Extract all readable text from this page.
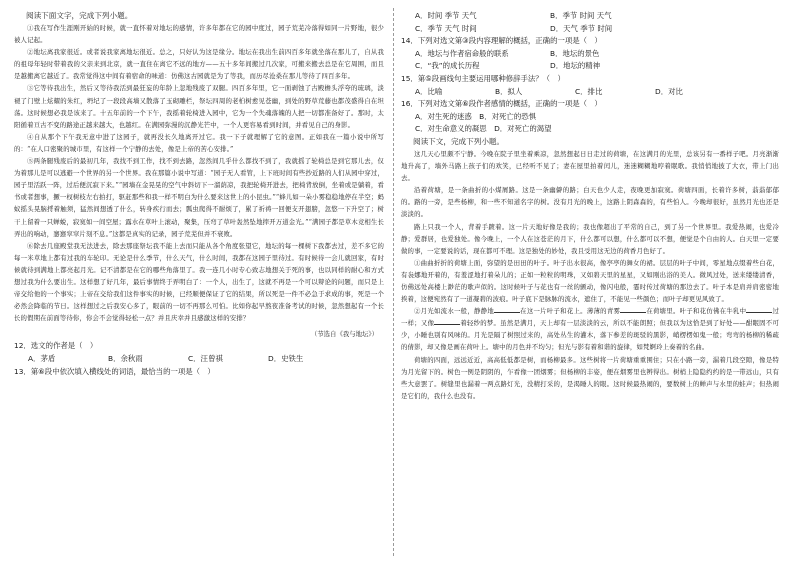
阅读下面文字，完成下列小题。

①我在写作生涯刚开始的时候，就一直怀着对地坛的感情，许多年都在它的园中度过，园子荒芜冷落得如同一片野地，很少被人记起。

②地坛离我家很近。或者说我家离地坛很近。总之，只好认为这是缘分。地坛在我出生前四百多年就坐落在那儿了，自从我的祖母年轻时带着我的父亲来到北京，就一直住在离它不远的地方——五十多年间搬过几次家，可搬来搬去总是在它周围，而且是越搬离它越近了。我常觉得这中间有着宿命的味道：仿佛这古园就是为了等我，而历尽沧桑在那儿等待了四百多年。

③它等待我出生，然后又等待我活到最狂妄的年龄上忽地残废了双腿。四百多年里，它一面剥蚀了古殿檐头浮夸的琉璃，淡褪了门壁上炫耀的朱红，坍圮了一段段高墙又散落了玉砌雕栏，祭坛四周的老柏树愈见苍幽，到处的野草荒藤也都茂盛得自在坦荡。这时候想必我是该来了。十五年前的一个下午，我摇着轮椅进入园中，它为一个失魂落魄的人把一切都准备好了。那时，太阳循着亘古不变的路途正越来越大，也越红。在满园弥漫的沉静光芒中，一个人更容易看到时间，并看见自己的身影。

④自从那个下午我无意中进了这园子，就再没长久地离开过它。我一下子就理解了它的意图。正如我在一篇小说中所写的：“在人口密聚的城市里，有这样一个宁静的去处，像是上帝的苦心安排。”

⑤两条腿残废后的最初几年，我找不到工作，找不到去路，忽然间几乎什么都找不到了，我就摇了轮椅总是到它那儿去，仅为着那儿是可以逃避一个世界的另一个世界。我在那篇小说中写道：“园子无人看管，上下班时间有些抄近路的人们从园中穿过，园子里活跃一阵，过后便沉寂下来。”“园墙在金晃晃的空气中斜切下一溜荫凉，我把轮椅开进去，把椅背放倒，坐着或是躺着，看书或者想事，撅一杈树枝左右拍打，驱赶那些和我一样不明白为什么要来这世上的小昆虫。”“蜂儿如一朵小雾稳稳地停在半空；蚂蚁摇头晃脑捋着触须，猛然间想透了什么，转身疾行而去；瓢虫爬得不耐烦了，累了祈祷一回便支开翅膀，忽悠一下升空了；树干上留着一只蝉蜕，寂寞如一间空屋；露水在草叶上滚动，聚集，压弯了草叶轰然坠地摔开万道金光。”“满园子都是草木竞相生长弄出的响动，窸窸窣窣片刻不息。”这都是真实的记录，园子荒芜但并不衰败。

⑥除去几座殿堂我无法进去，除去那座祭坛我不能上去而只能从各个角度张望它，地坛的每一棵树下我都去过，差不多它的每一米草地上都有过我的车轮印。无论是什么季节，什么天气，什么时间，我都在这园子里待过。有时候待一会儿就回家，有时候就待到满地上都亮起月光。记不清都是在它的哪些角落里了。我一连几小时专心致志地想关于死的事，也以同样的耐心和方式想过我为什么要出生。这样想了好几年，最后事情终于弄明白了：一个人，出生了，这就不再是一个可以辩论的问题，而只是上帝交给他的一个事实；上帝在交给我们这件事实的时候，已经顺便保证了它的结果，所以死是一件不必急于求成的事，死是一个必然会降临的节日。这样想过之后我安心多了，眼前的一切不再那么可怕。比如你起早熬夜准备考试的时候，忽然想起有一个长长的假期在前面等待你，你会不会觉得轻松一点？并且庆幸并且感激这样的安排？

（节选自《我与地坛》）

12．选文的作者是（　）

A．茅盾	B．余秋雨	C．汪曾祺	D．史铁生

13．第⑥段中依次填入横线处的词语，最恰当的一项是（　）

A．时间 季节 天气	B．季节 时间 天气
C．季节 天气 时间	D．天气 季节 时间

14．下列对选文第③段内容理解的概括，正确的一项是（　）

A．地坛与作者宿命般的联系	B．地坛的景色
C．“我”的成长历程	D．地坛的精神

15．第⑤段画线句主要运用哪种修辞手法？（　）

A．比喻	B．拟人	C．排比	D．对比

16．下列对选文第⑥段作者感情的概括，正确的一项是（　）

A．对生死的迷惑　B．对死亡的恐惧
C．对生命意义的凝思　D．对死亡的渴望

阅读下文，完成下列小题。

这几天心里颇不宁静。今晚在院子里坐着乘凉，忽然想起日日走过的荷塘，在这满月的光里，总该另有一番样子吧。月亮渐渐地升高了，墙外马路上孩子们的欢笑，已经听不见了；妻在屋里拍着闰儿，迷迷糊糊地哼着眠歌。我悄悄地披了大衣，带上门出去。

沿着荷塘，是一条曲折的小煤屑路。这是一条幽僻的路；白天也少人走，夜晚更加寂寞。荷塘四面，长着许多树，蓊蓊郁郁的。路的一旁，是些杨柳，和一些不知道名字的树。没有月光的晚上，这路上阴森森的，有些怕人。今晚却很好，虽然月光也还是淡淡的。

路上只我一个人，背着手踱着。这一片天地好像是我的；我也像超出了平常的自己，到了另一个世界里。我爱热闹，也爱冷静；爱群居，也爱独处。像今晚上，一个人在这苍茫的月下，什么都可以想，什么都可以不想，便觉是个自由的人。白天里一定要做的事，一定要说的话，现在都可不理。这是独处的妙处，我且受用这无边的荷香月色好了。

①曲曲折折的荷塘上面，弥望的是田田的叶子。叶子出水很高，像亭亭的舞女的裙。层层的叶子中间，零星地点缀着些白花，有袅娜地开着的，有羞涩地打着朵儿的；正如一粒粒的明珠，又如碧天里的星星，又如刚出浴的美人。微风过处，送来缕缕清香，仿佛远处高楼上渺茫的歌声似的。这时候叶子与花也有一丝的颤动，像闪电般，霎时传过荷塘的那边去了。叶子本是肩并肩密密地挨着，这便宛然有了一道凝碧的波痕。叶子底下是脉脉的流水，遮住了，不能见一些颜色；而叶子却更见风致了。

②月光如流水一般，静静地	在这一片叶子和花上。薄薄的青雾	在荷塘里。叶子和花仿佛在牛乳中	过一样；又像	着轻纱的梦。虽然是满月，天上却有一层淡淡的云，所以不能朗照；但我以为这恰是到了好处——酣眠固不可少，小睡也别有风味的。月光是隔了树照过来的，高处丛生的灌木，落下参差的斑驳的黑影，峭楞楞如鬼一般；弯弯的杨柳的稀疏的倩影，却又像是画在荷叶上。塘中的月色并不均匀；但光与影有着和谐的旋律，如梵婀玲上奏着的名曲。

荷塘的四面，远远近近，高高低低都是树，而杨柳最多。这些树将一片荷塘重重围住；只在小路一旁，漏着几段空隙，像是特为月光留下的。树色一例是阴阴的，乍看像一团烟雾；但杨柳的丰姿，便在烟雾里也辨得出。树梢上隐隐约约的是一带远山，只有些大意罢了。树缝里也漏着一两点路灯光，没精打采的，是渴睡人的眼。这时候最热闹的，要数树上的蝉声与水里的蛙声；但热闹是它们的，我什么也没有。
